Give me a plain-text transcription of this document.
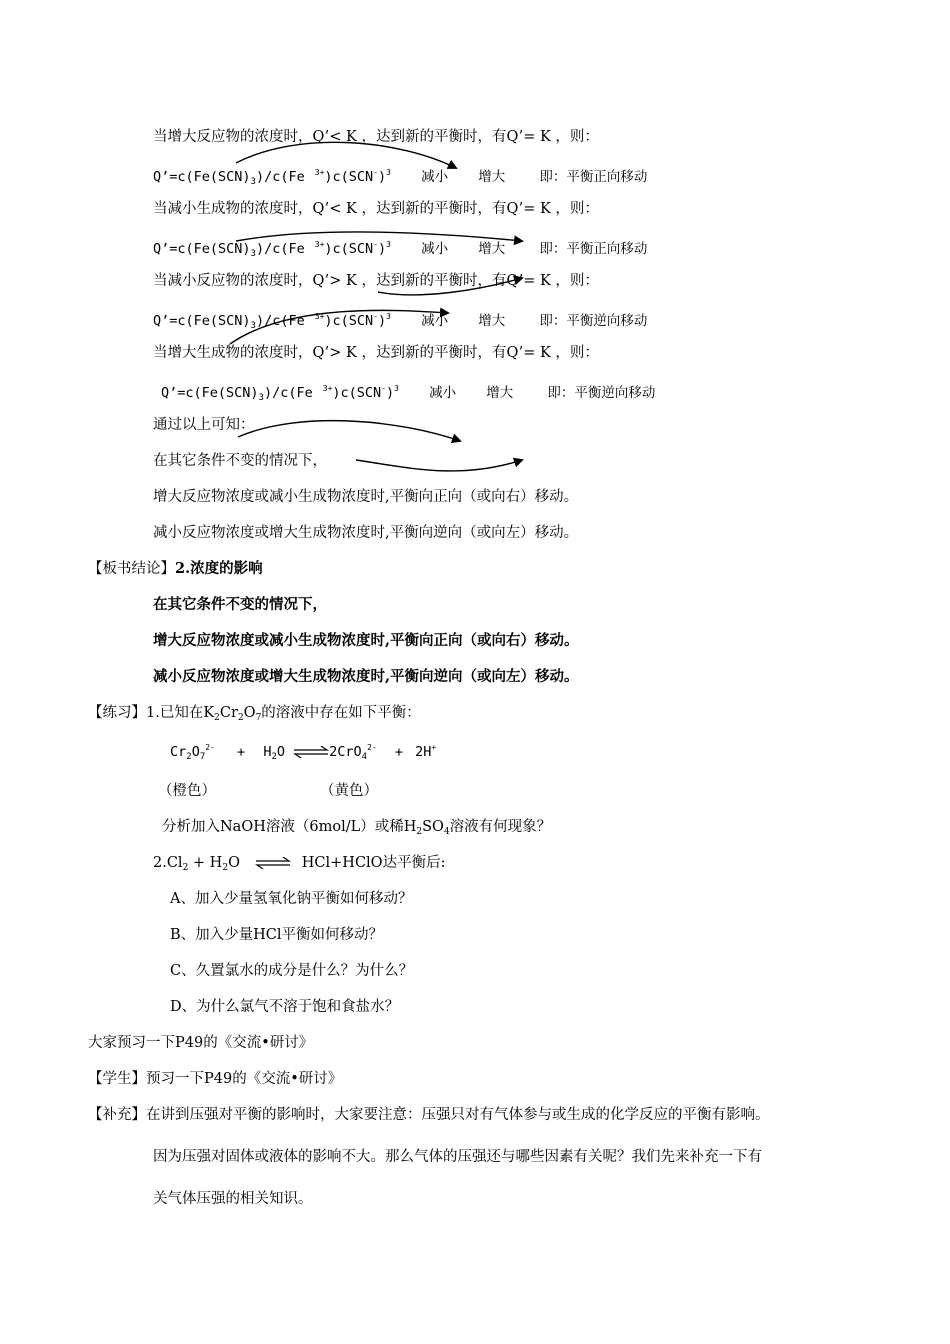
当增大反应物的浓度时，Q’< K ，达到新的平衡时，有Q’= K ，则：
$Q’=c(Fe(SCN)_3)/c(Fe$ $^{3+})c(SCN^-)^3$ 减小 增大	即：平衡正向移动
当减小生成物的浓度时，Q’< K ，达到新的平衡时，有Q’= K ，则：
$Q’=c(Fe(SCN)_3)/c(Fe$ $^{3+})c(SCN^-)^3$ 减小 增大	即：平衡正向移动
当减小反应物的浓度时，Q’> K ，达到新的平衡时，有Q’= K ，则：
$Q’=c(Fe(SCN)_3)/c(Fe$ $^{3+})c(SCN^-)^3$ 减小 增大	即：平衡逆向移动
当增大生成物的浓度时，Q’> K ，达到新的平衡时，有Q’= K ，则：
$Q’=c(Fe(SCN)_3)/c(Fe$ $^{3+})c(SCN^-)^3$ 减小 增大	即：平衡逆向移动
通过以上可知：
在其它条件不变的情况下，
增大反应物浓度或减小生成物浓度时,平衡向正向（或向右）移动。
减小反应物浓度或增大生成物浓度时,平衡向逆向（或向左）移动。
【板书结论】2.浓度的影响
在其它条件不变的情况下，
增大反应物浓度或减小生成物浓度时,平衡向正向（或向右）移动。
减小反应物浓度或增大生成物浓度时,平衡向逆向（或向左）移动。
【练习】1.已知在$K_2Cr_2O_7$的溶液中存在如下平衡：
$Cr_2O_7^{2-} + H_2O$ ⇌2CrO$_4^{2-}$ + 2H+
（橙色）	（黄色）
分析加入NaOH溶液（6mol/L）或稀$H_2SO_4$溶液有何现象？
$2.Cl_2 + H_2O$ ⇌ HCl+HClO达平衡后:
A、加入少量氢氧化钠平衡如何移动？
B、加入少量HCl平衡如何移动？
C、久置氯水的成分是什么？为什么？
D、为什么氯气不溶于饱和食盐水？
大家预习一下P49的《交流•研讨》
【学生】预习一下P49的《交流•研讨》
【补充】在讲到压强对平衡的影响时，大家要注意：压强只对有气体参与或生成的化学反应的平衡有影响。
因为压强对固体或液体的影响不大。那么气体的压强还与哪些因素有关呢？我们先来补充一下有
关气体压强的相关知识。
